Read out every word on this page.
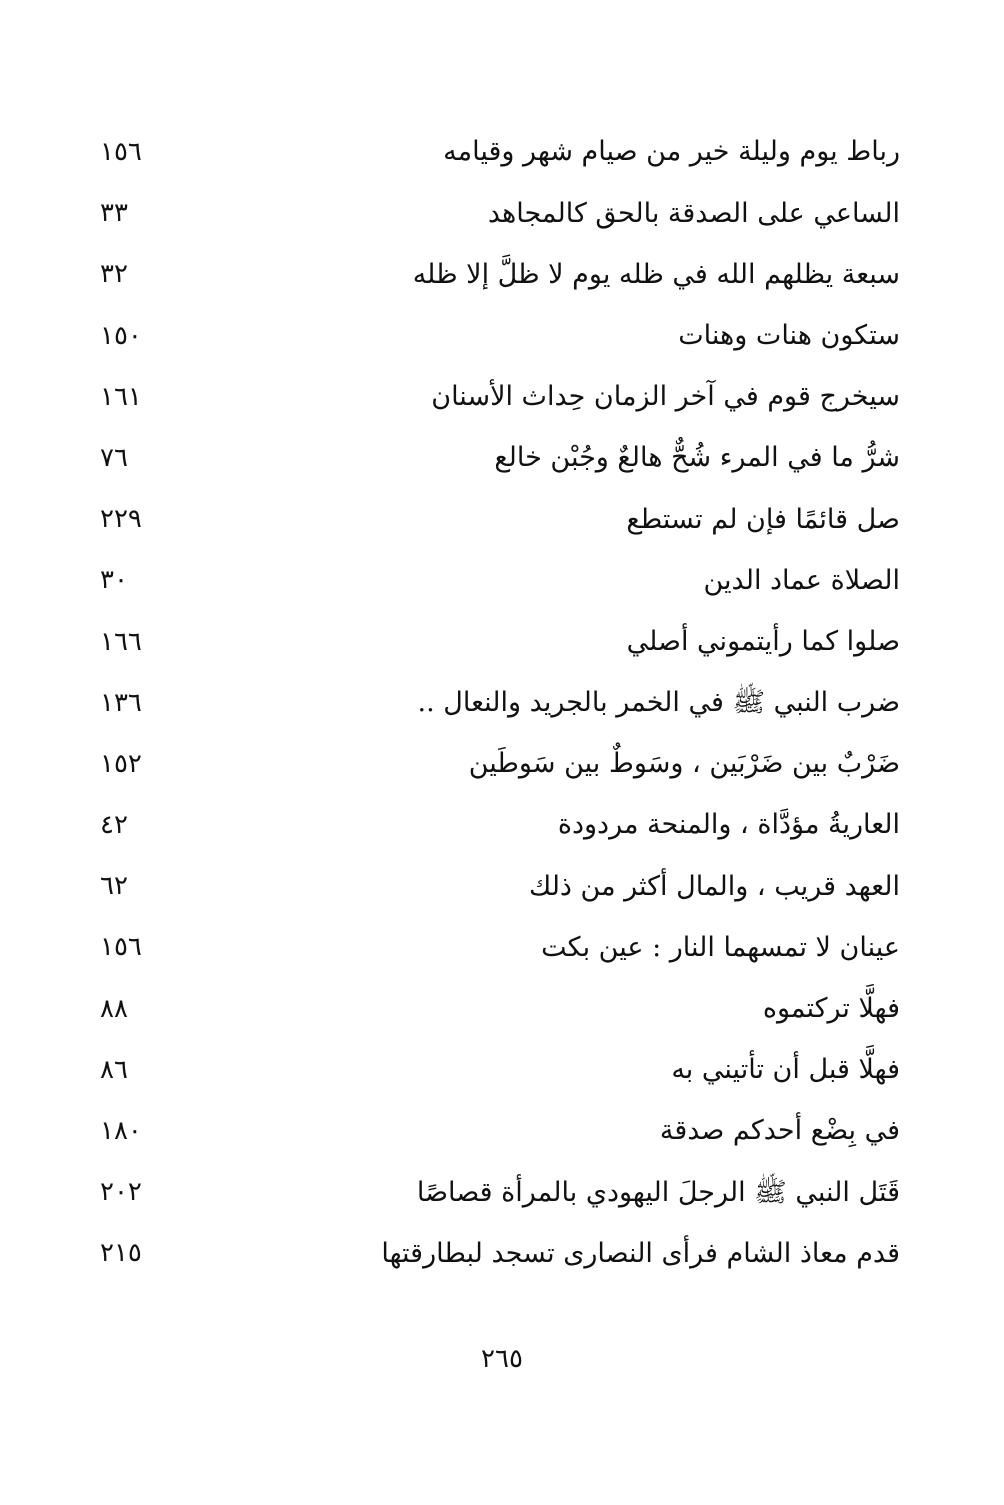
رباط يوم وليلة خير من صيام شهر وقيامه
١٥٦
الساعي على الصدقة بالحق كالمجاهد
٣٣
سبعة يظلهم الله في ظله يوم لا ظلَّ إلا ظله
٣٢
ستكون هنات وهنات
١٥٠
سيخرج قوم في آخر الزمان حِداث الأسنان
١٦١
شرُّ ما في المرء شُحٌّ هالعٌ وجُبْن خالع
٧٦
صل قائمًا فإن لم تستطع
٢٢٩
الصلاة عماد الدين
٣٠
صلوا كما رأيتموني أصلي
١٦٦
ضرب النبي ﷺ في الخمر بالجريد والنعال ..
١٣٦
ضَرْبٌ بين ضَرْبَين ، وسَوطٌ بين سَوطَين
١٥٢
العاريةُ مؤدَّاة ، والمنحة مردودة
٤٢
العهد قريب ، والمال أكثر من ذلك
٦٢
عينان لا تمسهما النار : عين بكت
١٥٦
فهلَّا تركتموه
٨٨
فهلَّا قبل أن تأتيني به
٨٦
في بِضْع أحدكم صدقة
١٨٠
قَتَل النبي ﷺ الرجلَ اليهودي بالمرأة قصاصًا
٢٠٢
قدم معاذ الشام فرأى النصارى تسجد لبطارقتها
٢١٥
٢٦٥
